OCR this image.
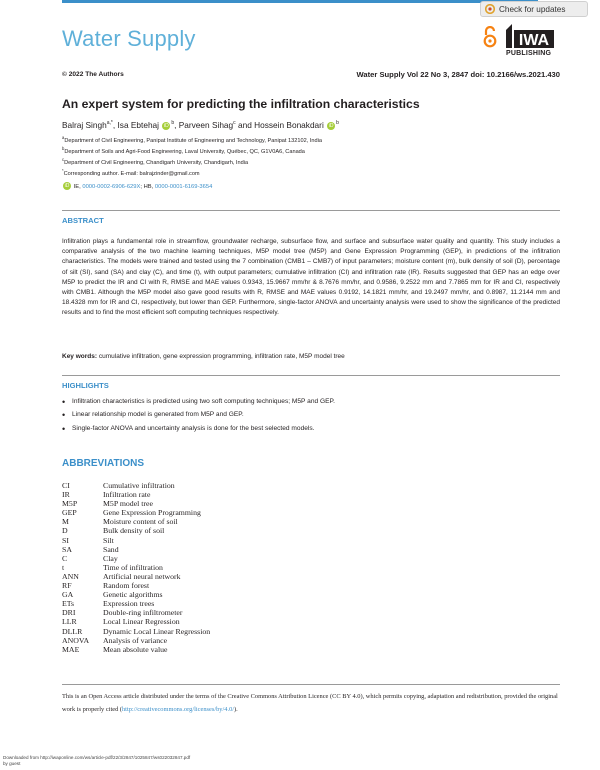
Water Supply
Check for updates
IWA
PUBLISHING
© 2022 The Authors	Water Supply Vol 22 No 3, 2847 doi: 10.2166/ws.2021.430
An expert system for predicting the infiltration characteristics
Balraj Singh$^{a,*}$, Isa Ebtehaj iD $^b$, Parveen Sihag$^c$ and Hossein Bonakdari iD $^b$
$^a$Department of Civil Engineering, Panipat Institute of Engineering and Technology, Panipat 132102, India
$^b$Department of Soils and Agri-Food Engineering, Laval University, Québec, QC, G1V0A6, Canada
$^c$Department of Civil Engineering, Chandigarh University, Chandigarh, India
*Corresponding author. E-mail: balrajzinder@gmail.com
iD IE, 0000-0002-6906-629X; HB, 0000-0001-6169-3654
ABSTRACT
Infiltration plays a fundamental role in streamflow, groundwater recharge, subsurface flow, and surface and subsurface water quality and quantity. This study includes a comparative analysis of the two machine learning techniques, M5P model tree (M5P) and Gene Expression Programming (GEP), in predictions of the infiltration characteristics. The models were trained and tested using the 7 combination (CMB1 – CMB7) of input parameters; moisture content (m), bulk density of soil (D), percentage of silt (SI), sand (SA) and clay (C), and time (t), with output parameters; cumulative infiltration (CI) and infiltration rate (IR). Results suggested that GEP has an edge over M5P to predict the IR and CI with R, RMSE and MAE values 0.9343, 15.9667 mm/hr & 8.7676 mm/hr, and 0.9586, 9.2522 mm and 7.7865 mm for IR and CI, respectively with CMB1. Although the M5P model also gave good results with R, RMSE and MAE values 0.9192, 14.1821 mm/hr, and 19.2497 mm/hr, and 0.8987, 11.2144 mm and 18.4328 mm for IR and CI, respectively, but lower than GEP. Furthermore, single-factor ANOVA and uncertainty analysis were used to show the significance of the predicted results and to find the most efficient soft computing techniques respectively.
Key words: cumulative infiltration, gene expression programming, infiltration rate, M5P model tree
HIGHLIGHTS
• Infiltration characteristics is predicted using two soft computing techniques; M5P and GEP.
• Linear relationship model is generated from M5P and GEP.
• Single-factor ANOVA and uncertainty analysis is done for the best selected models.
ABBREVIATIONS
CI	Cumulative infiltration
IR	Infiltration rate
M5P	M5P model tree
GEP	Gene Expression Programming
M	Moisture content of soil
D	Bulk density of soil
SI	Silt
SA	Sand
C	Clay
t	Time of infiltration
ANN	Artificial neural network
RF	Random forest
GA	Genetic algorithms
ETs	Expression trees
DRI	Double-ring infiltrometer
LLR	Local Linear Regression
DLLR	Dynamic Local Linear Regression
ANOVA	Analysis of variance
MAE	Mean absolute value
This is an Open Access article distributed under the terms of the Creative Commons Attribution Licence (CC BY 4.0), which permits copying, adaptation and redistribution, provided the original work is properly cited (http://creativecommons.org/licenses/by/4.0/).
Downloaded from http://iwaponline.com/ws/article-pdf/22/3/2847/1025847/ws022032847.pdf
by guest
